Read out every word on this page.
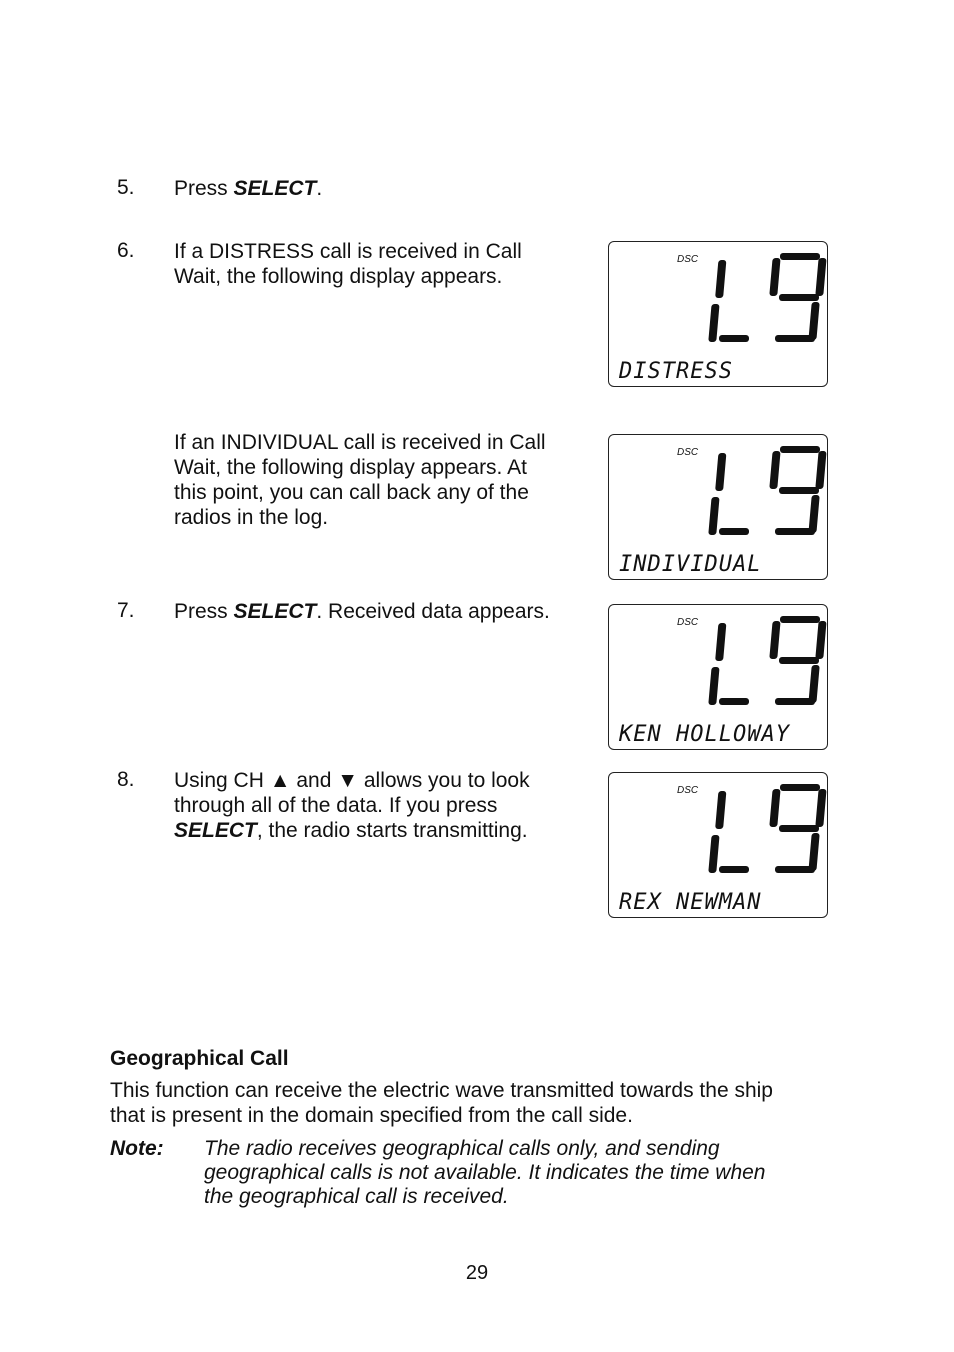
5. Press SELECT.
6. If a DISTRESS call is received in Call
Wait, the following display appears.
If an INDIVIDUAL call is received in Call
Wait, the following display appears. At
this point, you can call back any of the
radios in the log.
7. Press SELECT. Received data appears.
8. Using CH ▲ and ▼ allows you to look
through all of the data. If you press
SELECT, the radio starts transmitting.
DSC
DISTRESS
DSC
INDIVIDUAL
DSC
KEN HOLLOWAY
DSC
REX NEWMAN
Geographical Call
This function can receive the electric wave transmitted towards the ship
that is present in the domain specified from the call side.
Note: The radio receives geographical calls only, and sending
geographical calls is not available. It indicates the time when
the geographical call is received.
29
